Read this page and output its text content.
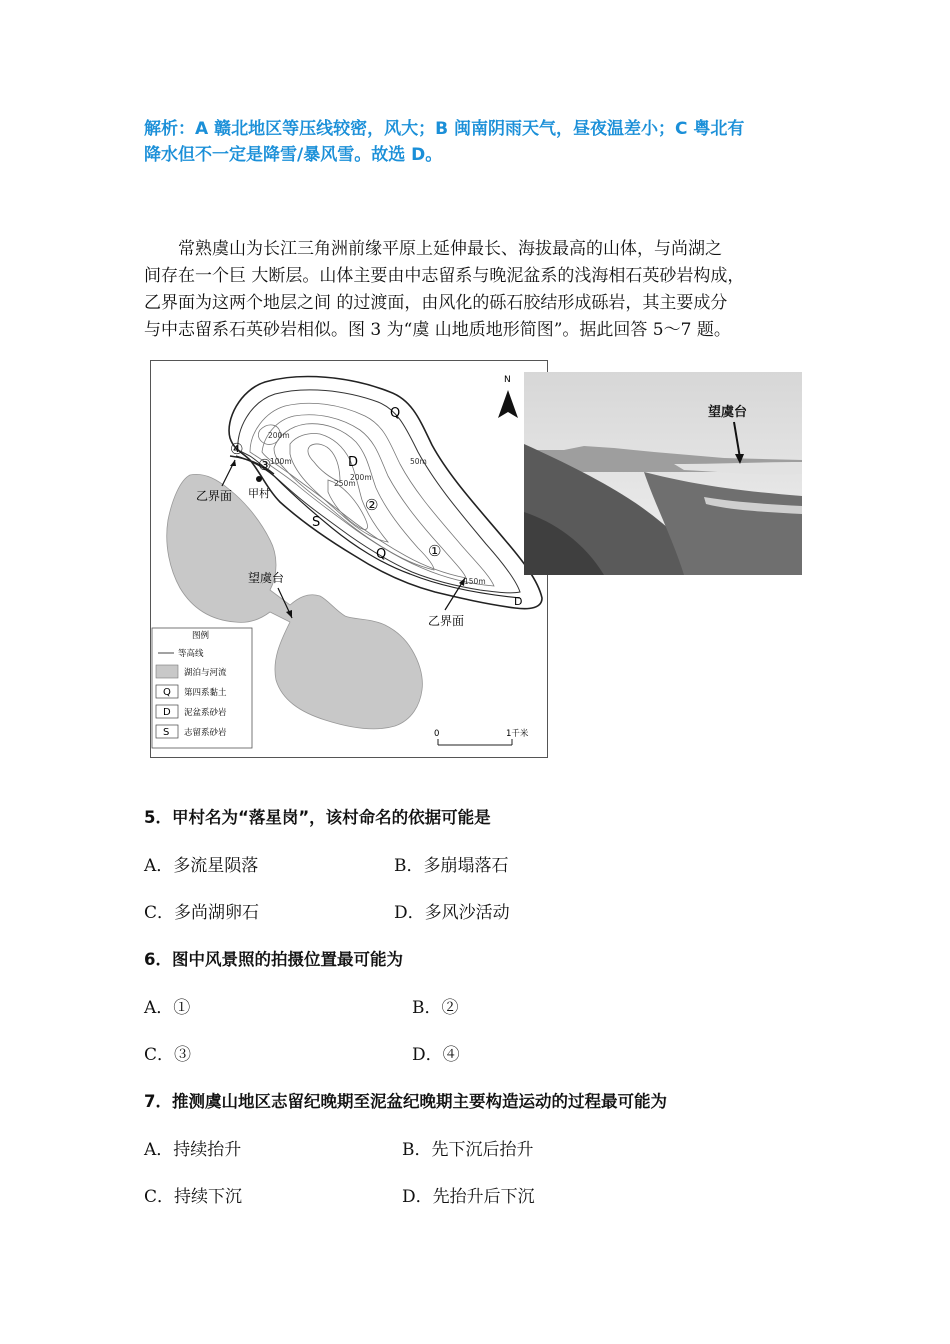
解析：A 赣北地区等压线较密，风大；B 闽南阴雨天气，昼夜温差小；C 粤北有
降水但不一定是降雪/暴风雪。故选 D。

常熟虞山为长江三角洲前缘平原上延伸最长、海拔最高的山体，与尚湖之

间存在一个巨 大断层。山体主要由中志留系与晚泥盆系的浅海相石英砂岩构成，
乙界面为这两个地层之间 的过渡面，由风化的砾石胶结形成砾岩，其主要成分
与中志留系石英砂岩相似。图 3 为“虞 山地质地形简图”。据此回答 5～7 题。
④
③
②
①
甲村
乙界面
乙界面
望虞台
Q
D
S
Q
D
200m
100m
200m
250m
50m
150m
图例
等高线
湖泊与河流
Q 第四系黏土
D 泥盆系砂岩
S 志留系砂岩	0	1千米
N
望虞台
5．甲村名为“落星岗”，该村命名的依据可能是
A．多流星陨落	B．多崩塌落石
C．多尚湖卵石	D．多风沙活动
6．图中风景照的拍摄位置最可能为
A．①	B．②
C．③	D．④
7．推测虞山地区志留纪晚期至泥盆纪晚期主要构造运动的过程最可能为
A．持续抬升	B．先下沉后抬升
C．持续下沉	D．先抬升后下沉
